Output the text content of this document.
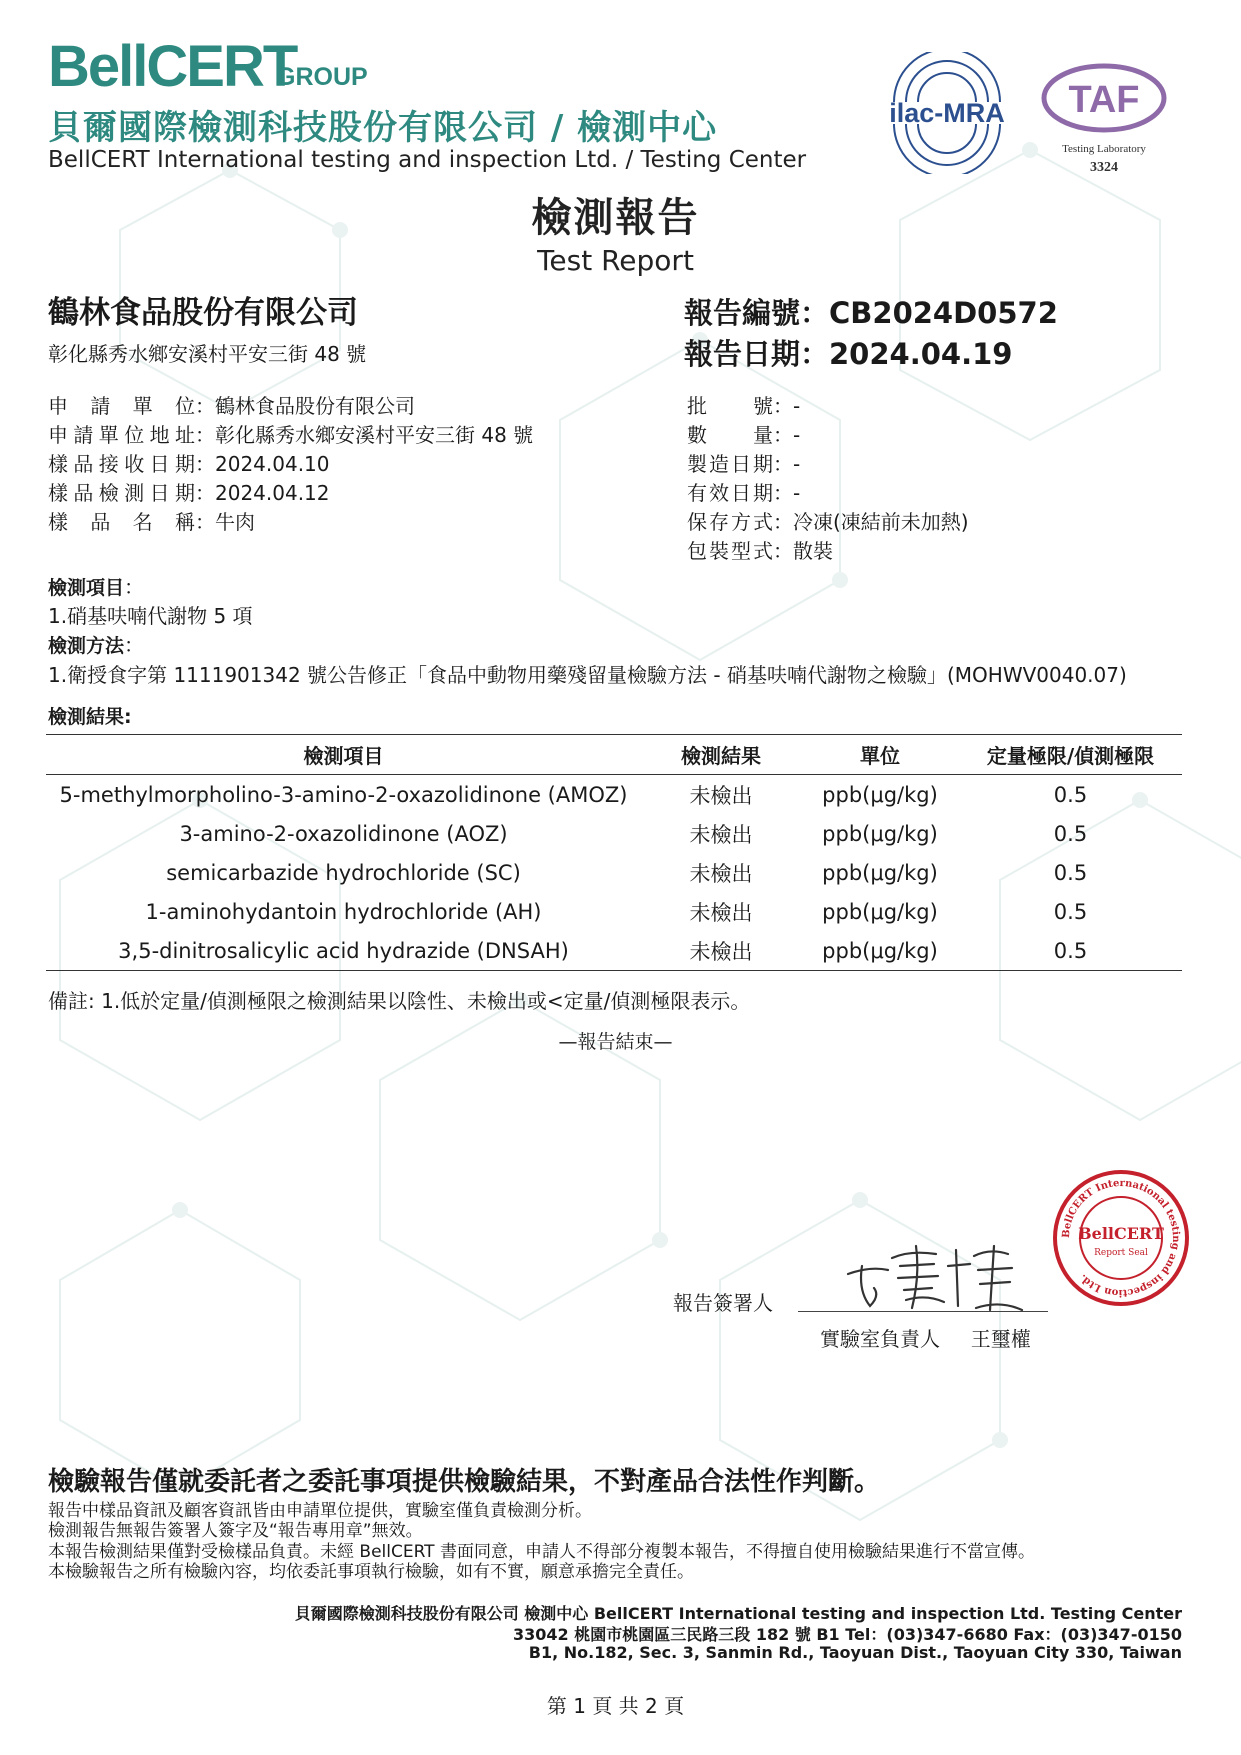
BellCERT
GROUP
貝爾國際檢測科技股份有限公司 / 檢測中心
BellCERT International testing and inspection Ltd. / Testing Center
ilac-MRA TAF
Testing Laboratory
3324
檢測報告
Test Report
鶴林食品股份有限公司
彰化縣秀水鄉安溪村平安三街 48 號
報告編號：CB2024D0572
報告日期：2024.04.19
申請單位：鶴林食品股份有限公司
申請單位地址：彰化縣秀水鄉安溪村平安三街 48 號
樣品接收日期：2024.04.10
樣品檢測日期：2024.04.12
樣品名稱：牛肉
批號：-
數量：-
製造日期：-
有效日期：-
保存方式：冷凍(凍結前未加熱)
包裝型式：散裝
檢測項目：
1.硝基呋喃代謝物 5 項
檢測方法：
1.衛授食字第 1111901342 號公告修正「食品中動物用藥殘留量檢驗方法 - 硝基呋喃代謝物之檢驗」(MOHWV0040.07)
檢測結果:
檢測項目	檢測結果	單位	定量極限/偵測極限
5-methylmorpholino-3-amino-2-oxazolidinone (AMOZ)	未檢出	ppb(μg/kg)	0.5
3-amino-2-oxazolidinone (AOZ)	未檢出	ppb(μg/kg)	0.5
semicarbazide hydrochloride (SC)	未檢出	ppb(μg/kg)	0.5
1-aminohydantoin hydrochloride (AH)	未檢出	ppb(μg/kg)	0.5
3,5-dinitrosalicylic acid hydrazide (DNSAH)	未檢出	ppb(μg/kg)	0.5
備註: 1.低於定量/偵測極限之檢測結果以陰性、未檢出或<定量/偵測極限表示。
—報告結束—
報告簽署人
實驗室負責人 王璽權
BellCERT International testing and inspection Ltd.
BellCERT
Report Seal
檢驗報告僅就委託者之委託事項提供檢驗結果，不對產品合法性作判斷。
報告中樣品資訊及顧客資訊皆由申請單位提供，實驗室僅負責檢測分析。
檢測報告無報告簽署人簽字及“報告專用章”無效。
本報告檢測結果僅對受檢樣品負責。未經 BellCERT 書面同意，申請人不得部分複製本報告，不得擅自使用檢驗結果進行不當宣傳。
本檢驗報告之所有檢驗內容，均依委託事項執行檢驗，如有不實，願意承擔完全責任。
貝爾國際檢測科技股份有限公司 檢測中心 BellCERT International testing and inspection Ltd. Testing Center
33042 桃園市桃園區三民路三段 182 號 B1 Tel：(03)347-6680 Fax：(03)347-0150
B1, No.182, Sec. 3, Sanmin Rd., Taoyuan Dist., Taoyuan City 330, Taiwan
第 1 頁 共 2 頁
